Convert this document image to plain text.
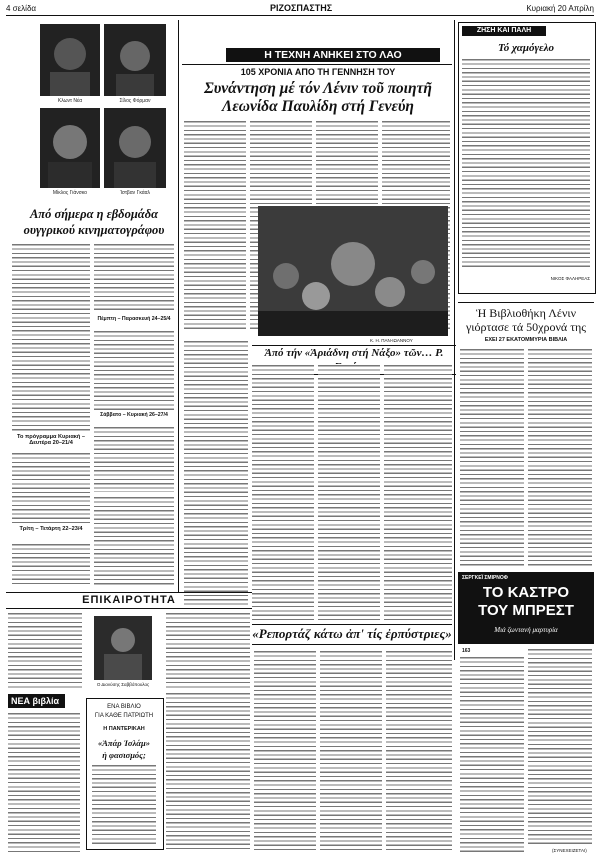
4 σελίδα	ΡΙΖΟΣΠΑΣΤΗΣ	Κυριακή 20 Απρίλη
Κλωντ Νέα	Σίλος Φόρμαν
Μίκλος Γιάνσκο	Ίστβαν Γκάαλ
Από σήμερα η εβδομάδα ουγγρικού κινηματογράφου
Πέμπτη – Παρασκευή 24–25/4
Σάββατο – Κυριακή 26–27/4
Το πρόγραμμα Κυριακή – Δευτέρα 20–21/4
Τρίτη – Τετάρτη 22–23/4
Η ΤΕΧΝΗ ΑΝΗΚΕΙ ΣΤΟ ΛΑΟ
105 ΧΡΟΝΙΑ ΑΠΟ ΤΗ ΓΕΝΝΗΣΗ ΤΟΥ
Συνάντηση μέ τόν Λένιν τοῦ ποιητῆ
Λεωνίδα Παυλίδη στή Γενεύη
Κ. Η. ΠΑΝ-ΙΩΑΝΝΟΥ
Ἀπό τήν «Ἀριάδνη στή Νάξο» τῶν… Ρ.
ΖΗΣΗ ΚΑΙ ΠΑΛΗ
Τό χαμόγελο
ΝΙΚΟΣ ΦΑΛΗΡΕΑΣ
Ἡ Βιβλιοθήκη Λένιν
γιόρτασε τά 50χρονά της
ΕΧΕΙ 27 ΕΚΑΤΟΜΜΥΡΙΑ ΒΙΒΛΙΑ
ΣΕΡΓΚΕΪ ΣΜΙΡΝΟΦ
ΤΟ ΚΑΣΤΡΟ
ΤΟΥ ΜΠΡΕΣΤ
Μιά ζωντανή μαρτυρία
163
(ΣΥΝΕΧΕΙΖΕΤΑΙ)
ΕΠΙΚΑΙΡΟΤΗΤΑ
Ο Διονύσης Σαββόπουλος
ΝΕΑ βιβλία
ΕΝΑ ΒΙΒΛΙΟ
ΓΙΑ ΚΑΘΕ ΠΑΤΡΙΩΤΗ
Η ΠΑΝΤΕΡΙΚΑΗ
«Ἀπάρ Ἰσλάμ»
ἡ φασισμός;
«Ρεπορτάζ κάτω ἀπ' τίς ἐρπύστριες»
